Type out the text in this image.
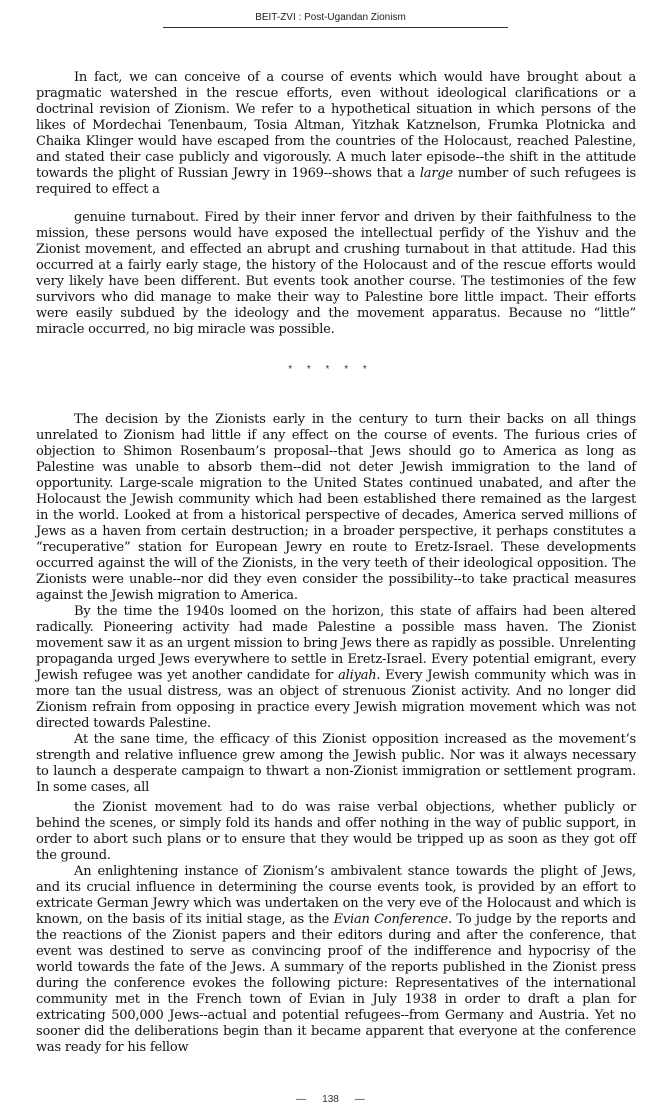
BEIT-ZVI : Post-Ugandan Zionism

In fact, we can conceive of a course of events which would have brought about a pragmatic watershed in the rescue efforts, even without ideological clarifications or a doctrinal revision of Zionism. We refer to a hypothetical situation in which persons of the likes of Mordechai Tenenbaum, Tosia Altman, Yitzhak Katznelson, Frumka Plotnicka and Chaika Klinger would have escaped from the countries of the Holocaust, reached Palestine, and stated their case publicly and vigorously. A much later episode--the shift in the attitude towards the plight of Russian Jewry in 1969--shows that a large number of such refugees is required to effect a

genuine turnabout. Fired by their inner fervor and driven by their faithfulness to the mission, these persons would have exposed the intellectual perfidy of the Yishuv and the Zionist movement, and effected an abrupt and crushing turnabout in that attitude. Had this occurred at a fairly early stage, the history of the Holocaust and of the rescue efforts would very likely have been different. But events took another course. The testimonies of the few survivors who did manage to make their way to Palestine bore little impact. Their efforts were easily subdued by the ideology and the movement apparatus. Because no “little” miracle occurred, no big miracle was possible.

* * * * *

The decision by the Zionists early in the century to turn their backs on all things unrelated to Zionism had little if any effect on the course of events. The furious cries of objection to Shimon Rosenbaum’s proposal--that Jews should go to America as long as Palestine was unable to absorb them--did not deter Jewish immigration to the land of opportunity. Large-scale migration to the United States continued unabated, and after the Holocaust the Jewish community which had been established there remained as the largest in the world. Looked at from a historical perspective of decades, America served millions of Jews as a haven from certain destruction; in a broader perspective, it perhaps constitutes a “recuperative” station for European Jewry en route to Eretz-Israel. These developments occurred against the will of the Zionists, in the very teeth of their ideological opposition. The Zionists were unable--nor did they even consider the possibility--to take practical measures against the Jewish migration to America.

By the time the 1940s loomed on the horizon, this state of affairs had been altered radically. Pioneering activity had made Palestine a possible mass haven. The Zionist movement saw it as an urgent mission to bring Jews there as rapidly as possible. Unrelenting propaganda urged Jews everywhere to settle in Eretz-Israel. Every potential emigrant, every Jewish refugee was yet another candidate for aliyah. Every Jewish community which was in more tan the usual distress, was an object of strenuous Zionist activity. And no longer did Zionism refrain from opposing in practice every Jewish migration movement which was not directed towards Palestine.

At the sane time, the efficacy of this Zionist opposition increased as the movement’s strength and relative influence grew among the Jewish public. Nor was it always necessary to launch a desperate campaign to thwart a non-Zionist immigration or settlement program. In some cases, all

the Zionist movement had to do was raise verbal objections, whether publicly or behind the scenes, or simply fold its hands and offer nothing in the way of public support, in order to abort such plans or to ensure that they would be tripped up as soon as they got off the ground.

An enlightening instance of Zionism’s ambivalent stance towards the plight of Jews, and its crucial influence in determining the course events took, is provided by an effort to extricate German Jewry which was undertaken on the very eve of the Holocaust and which is known, on the basis of its initial stage, as the Evian Conference. To judge by the reports and the reactions of the Zionist papers and their editors during and after the conference, that event was destined to serve as convincing proof of the indifference and hypocrisy of the world towards the fate of the Jews. A summary of the reports published in the Zionist press during the conference evokes the following picture: Representatives of the international community met in the French town of Evian in July 1938 in order to draft a plan for extricating 500,000 Jews--actual and potential refugees--from Germany and Austria. Yet no sooner did the deliberations begin than it became apparent that everyone at the conference was ready for his fellow

— 138 —
